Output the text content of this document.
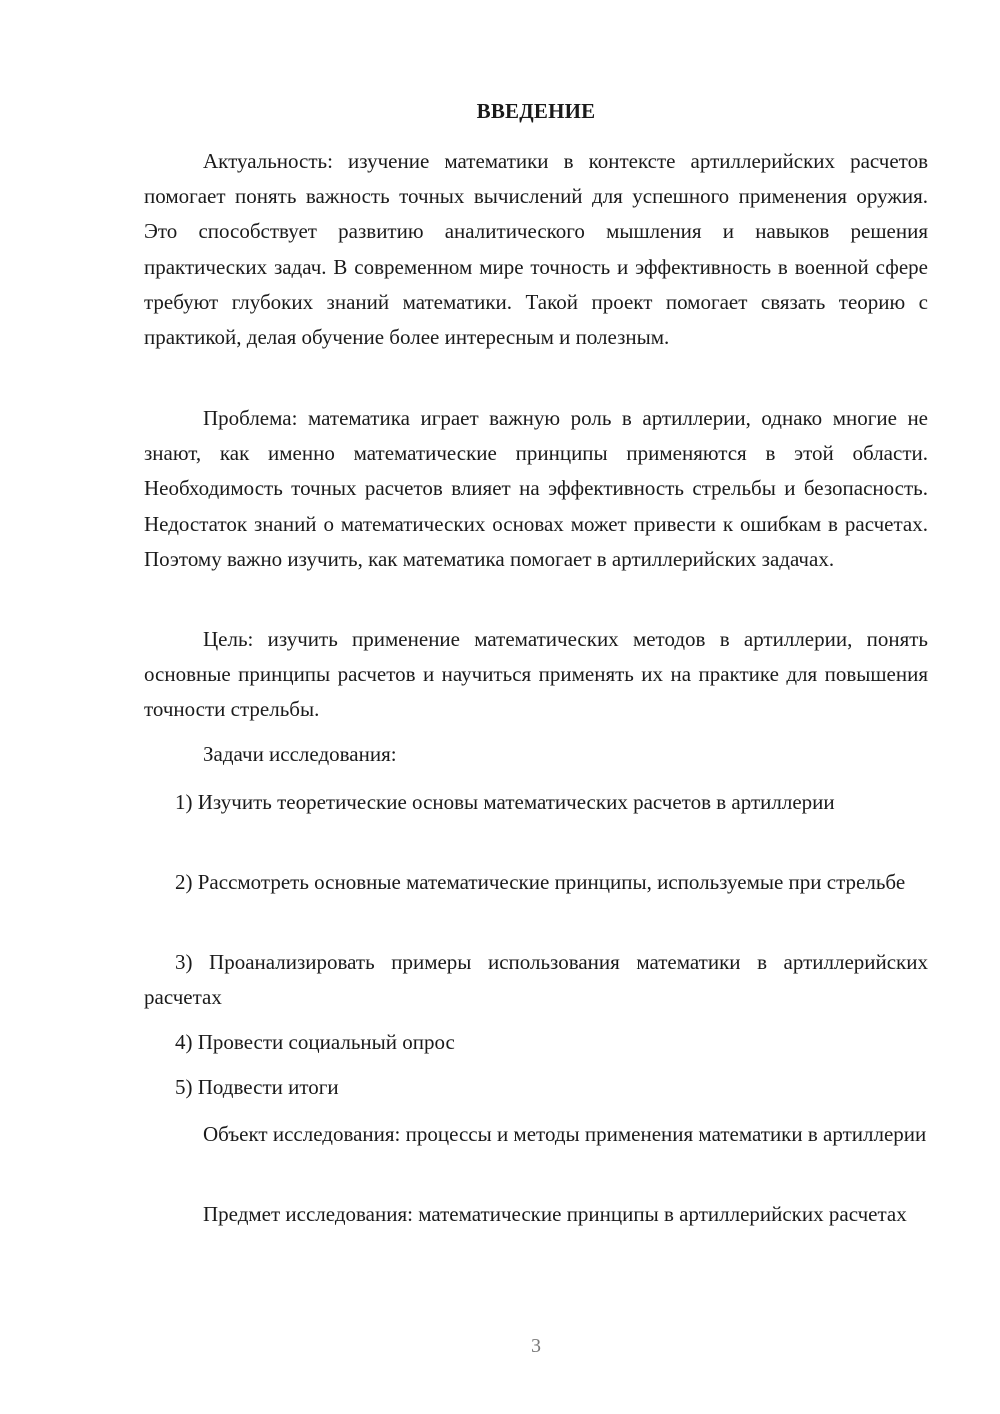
ВВЕДЕНИЕ

Актуальность: изучение математики в контексте артиллерийских расчетов помогает понять важность точных вычислений для успешного применения оружия. Это способствует развитию аналитического мышления и навыков решения практических задач. В современном мире точность и эффективность в военной сфере требуют глубоких знаний математики. Такой проект помогает связать теорию с практикой, делая обучение более интересным и полезным.

Проблема: математика играет важную роль в артиллерии, однако многие не знают, как именно математические принципы применяются в этой области. Необходимость точных расчетов влияет на эффективность стрельбы и безопасность. Недостаток знаний о математических основах может привести к ошибкам в расчетах. Поэтому важно изучить, как математика помогает в артиллерийских задачах.

Цель: изучить применение математических методов в артиллерии, понять основные принципы расчетов и научиться применять их на практике для повышения точности стрельбы.

Задачи исследования:

1) Изучить теоретические основы математических расчетов в артиллерии

2) Рассмотреть основные математические принципы, используемые при стрельбе

3) Проанализировать примеры использования математики в артиллерийских расчетах

4) Провести социальный опрос

5) Подвести итоги

Объект исследования: процессы и методы применения математики в артиллерии

Предмет исследования: математические принципы в артиллерийских расчетах

3
